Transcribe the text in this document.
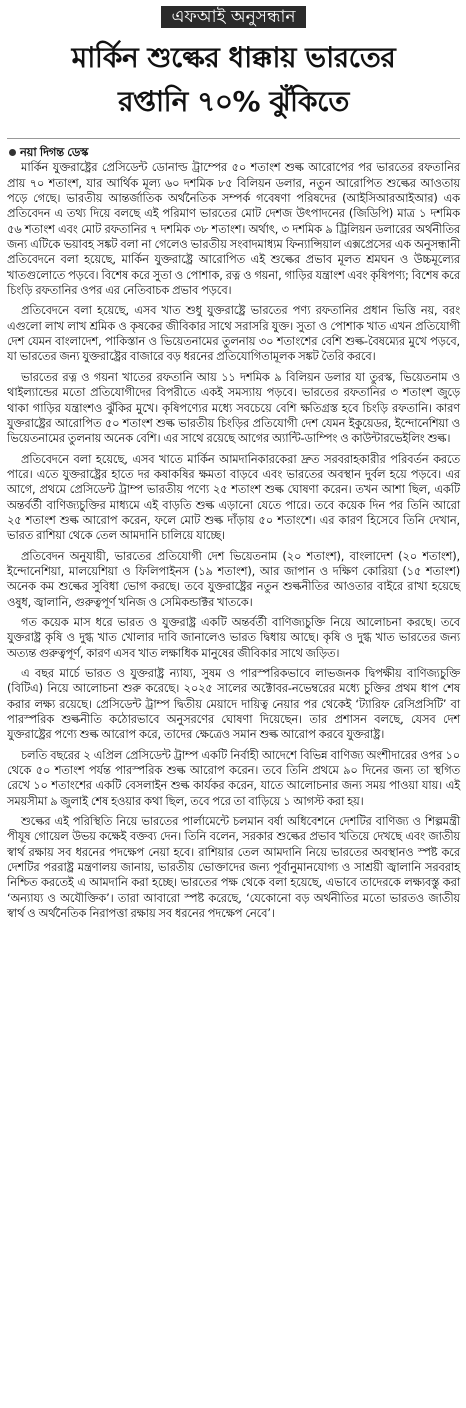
এফআই অনুসন্ধান
মার্কিন শুল্কের ধাক্কায় ভারতের
রপ্তানি ৭০% ঝুঁকিতে

নয়া দিগন্ত ডেস্ক

মার্কিন যুক্তরাষ্ট্রের প্রেসিডেন্ট ডোনাল্ড ট্রাম্পের ৫০ শতাংশ শুল্ক আরোপের পর ভারতের রফতানির প্রায় ৭০ শতাংশ, যার আর্থিক মূল্য ৬০ দশমিক ৮৫ বিলিয়ন ডলার, নতুন আরোপিত শুল্কের আওতায় পড়ে গেছে। ভারতীয় আন্তর্জাতিক অর্থনৈতিক সম্পর্ক গবেষণা পরিষদের (আইসিআরআইআর) এক প্রতিবেদন এ তথ্য দিয়ে বলছে এই পরিমাণ ভারতের মোট দেশজ উৎপাদনের (জিডিপি) মাত্র ১ দশমিক ৫৬ শতাংশ এবং মোট রফতানির ৭ দশমিক ৩৮ শতাংশ। অর্থাৎ, ৩ দশমিক ৯ ট্রিলিয়ন ডলারের অর্থনীতির জন্য এটিকে ভয়াবহ সঙ্কট বলা না গেলেও ভারতীয় সংবাদমাধ্যম ফিন্যান্সিয়াল এক্সপ্রেসের এক অনুসন্ধানী প্রতিবেদনে বলা হয়েছে, মার্কিন যুক্তরাষ্ট্রে আরোপিত এই শুল্কের প্রভাব মূলত শ্রমঘন ও উচ্চমূল্যের খাতগুলোতে পড়বে। বিশেষ করে সুতা ও পোশাক, রত্ন ও গয়না, গাড়ির যন্ত্রাংশ এবং কৃষিপণ্য; বিশেষ করে চিংড়ি রফতানির ওপর এর নেতিবাচক প্রভাব পড়বে।

প্রতিবেদনে বলা হয়েছে, এসব খাত শুধু যুক্তরাষ্ট্রে ভারতের পণ্য রফতানির প্রধান ভিত্তি নয়, বরং এগুলো লাখ লাখ শ্রমিক ও কৃষকের জীবিকার সাথে সরাসরি যুক্ত। সুতা ও পোশাক খাত এখন প্রতিযোগী দেশ যেমন বাংলাদেশ, পাকিস্তান ও ভিয়েতনামের তুলনায় ৩০ শতাংশের বেশি শুল্ক-বৈষম্যের মুখে পড়বে, যা ভারতের জন্য যুক্তরাষ্ট্রের বাজারে বড় ধরনের প্রতিযোগিতামূলক সঙ্কট তৈরি করবে।

ভারতের রত্ন ও গয়না খাতের রফতানি আয় ১১ দশমিক ৯ বিলিয়ন ডলার যা তুরস্ক, ভিয়েতনাম ও থাইল্যান্ডের মতো প্রতিযোগীদের বিপরীতে একই সমস্যায় পড়বে। ভারতের রফতানির ৩ শতাংশ জুড়ে থাকা গাড়ির যন্ত্রাংশও ঝুঁকির মুখে। কৃষিপণ্যের মধ্যে সবচেয়ে বেশি ক্ষতিগ্রস্ত হবে চিংড়ি রফতানি। কারণ যুক্তরাষ্ট্রের আরোপিত ৫০ শতাংশ শুল্ক ভারতীয় চিংড়ির প্রতিযোগী দেশ যেমন ইকুয়েডর, ইন্দোনেশিয়া ও ভিয়েতনামের তুলনায় অনেক বেশি। এর সাথে রয়েছে আগের অ্যান্টি-ডাম্পিং ও কাউন্টারভেইলিং শুল্ক।

প্রতিবেদনে বলা হয়েছে, এসব খাতে মার্কিন আমদানিকারকেরা দ্রুত সরবরাহকারীর পরিবর্তন করতে পারে। এতে যুক্তরাষ্ট্রের হাতে দর কষাকষির ক্ষমতা বাড়বে এবং ভারতের অবস্থান দুর্বল হয়ে পড়বে। এর আগে, প্রথমে প্রেসিডেন্ট ট্রাম্প ভারতীয় পণ্যে ২৫ শতাংশ শুল্ক ঘোষণা করেন। তখন আশা ছিল, একটি অন্তর্বর্তী বাণিজ্যচুক্তির মাধ্যমে এই বাড়তি শুল্ক এড়ানো যেতে পারে। তবে কয়েক দিন পর তিনি আরো ২৫ শতাংশ শুল্ক আরোপ করেন, ফলে মোট শুল্ক দাঁড়ায় ৫০ শতাংশে। এর কারণ হিসেবে তিনি দেখান, ভারত রাশিয়া থেকে তেল আমদানি চালিয়ে যাচ্ছে।

প্রতিবেদন অনুযায়ী, ভারতের প্রতিযোগী দেশ ভিয়েতনাম (২০ শতাংশ), বাংলাদেশ (২০ শতাংশ), ইন্দোনেশিয়া, মালয়েশিয়া ও ফিলিপাইনস (১৯ শতাংশ), আর জাপান ও দক্ষিণ কোরিয়া (১৫ শতাংশ) অনেক কম শুল্কের সুবিধা ভোগ করছে। তবে যুক্তরাষ্ট্রের নতুন শুল্কনীতির আওতার বাইরে রাখা হয়েছে ওষুধ, জ্বালানি, গুরুত্বপূর্ণ খনিজ ও সেমিকন্ডাক্টর খাতকে।

গত কয়েক মাস ধরে ভারত ও যুক্তরাষ্ট্র একটি অন্তর্বর্তী বাণিজ্যচুক্তি নিয়ে আলোচনা করছে। তবে যুক্তরাষ্ট্র কৃষি ও দুগ্ধ খাত খোলার দাবি জানালেও ভারত দ্বিধায় আছে। কৃষি ও দুগ্ধ খাত ভারতের জন্য অত্যন্ত গুরুত্বপূর্ণ, কারণ এসব খাত লক্ষাধিক মানুষের জীবিকার সাথে জড়িত।

এ বছর মার্চে ভারত ও যুক্তরাষ্ট্র ন্যায্য, সুষম ও পারস্পরিকভাবে লাভজনক দ্বিপক্ষীয় বাণিজ্যচুক্তি (বিটিএ) নিয়ে আলোচনা শুরু করেছে। ২০২৫ সালের অক্টোবর-নভেম্বরের মধ্যে চুক্তির প্রথম ধাপ শেষ করার লক্ষ্য রয়েছে। প্রেসিডেন্ট ট্রাম্প দ্বিতীয় মেয়াদে দায়িত্ব নেয়ার পর থেকেই ‘ট্যারিফ রেসিপ্রসিটি’ বা পারস্পরিক শুল্কনীতি কঠোরভাবে অনুসরণের ঘোষণা দিয়েছেন। তার প্রশাসন বলছে, যেসব দেশ যুক্তরাষ্ট্রের পণ্যে শুল্ক আরোপ করে, তাদের ক্ষেত্রেও সমান শুল্ক আরোপ করবে যুক্তরাষ্ট্র।

চলতি বছরের ২ এপ্রিল প্রেসিডেন্ট ট্রাম্প একটি নির্বাহী আদেশে বিভিন্ন বাণিজ্য অংশীদারের ওপর ১০ থেকে ৫০ শতাংশ পর্যন্ত পারস্পরিক শুল্ক আরোপ করেন। তবে তিনি প্রথমে ৯০ দিনের জন্য তা স্থগিত রেখে ১০ শতাংশের একটি বেসলাইন শুল্ক কার্যকর করেন, যাতে আলোচনার জন্য সময় পাওয়া যায়। এই সময়সীমা ৯ জুলাই শেষ হওয়ার কথা ছিল, তবে পরে তা বাড়িয়ে ১ আগস্ট করা হয়।

শুল্কের এই পরিস্থিতি নিয়ে ভারতের পার্লামেন্টে চলমান বর্ষা অধিবেশনে দেশটির বাণিজ্য ও শিল্পমন্ত্রী পীযূষ গোয়েল উভয় কক্ষেই বক্তব্য দেন। তিনি বলেন, সরকার শুল্কের প্রভাব খতিয়ে দেখছে এবং জাতীয় স্বার্থ রক্ষায় সব ধরনের পদক্ষেপ নেয়া হবে। রাশিয়ার তেল আমদানি নিয়ে ভারতের অবস্থানও স্পষ্ট করে দেশটির পররাষ্ট্র মন্ত্রণালয় জানায়, ভারতীয় ভোক্তাদের জন্য পূর্বানুমানযোগ্য ও সাশ্রয়ী জ্বালানি সরবরাহ নিশ্চিত করতেই এ আমদানি করা হচ্ছে। ভারতের পক্ষ থেকে বলা হয়েছে, এভাবে তাদেরকে লক্ষ্যবস্তু করা ‘অন্যায্য ও অযৌক্তিক’। তারা আবারো স্পষ্ট করেছে, ‘যেকোনো বড় অর্থনীতির মতো ভারতও জাতীয় স্বার্থ ও অর্থনৈতিক নিরাপত্তা রক্ষায় সব ধরনের পদক্ষেপ নেবে’।
